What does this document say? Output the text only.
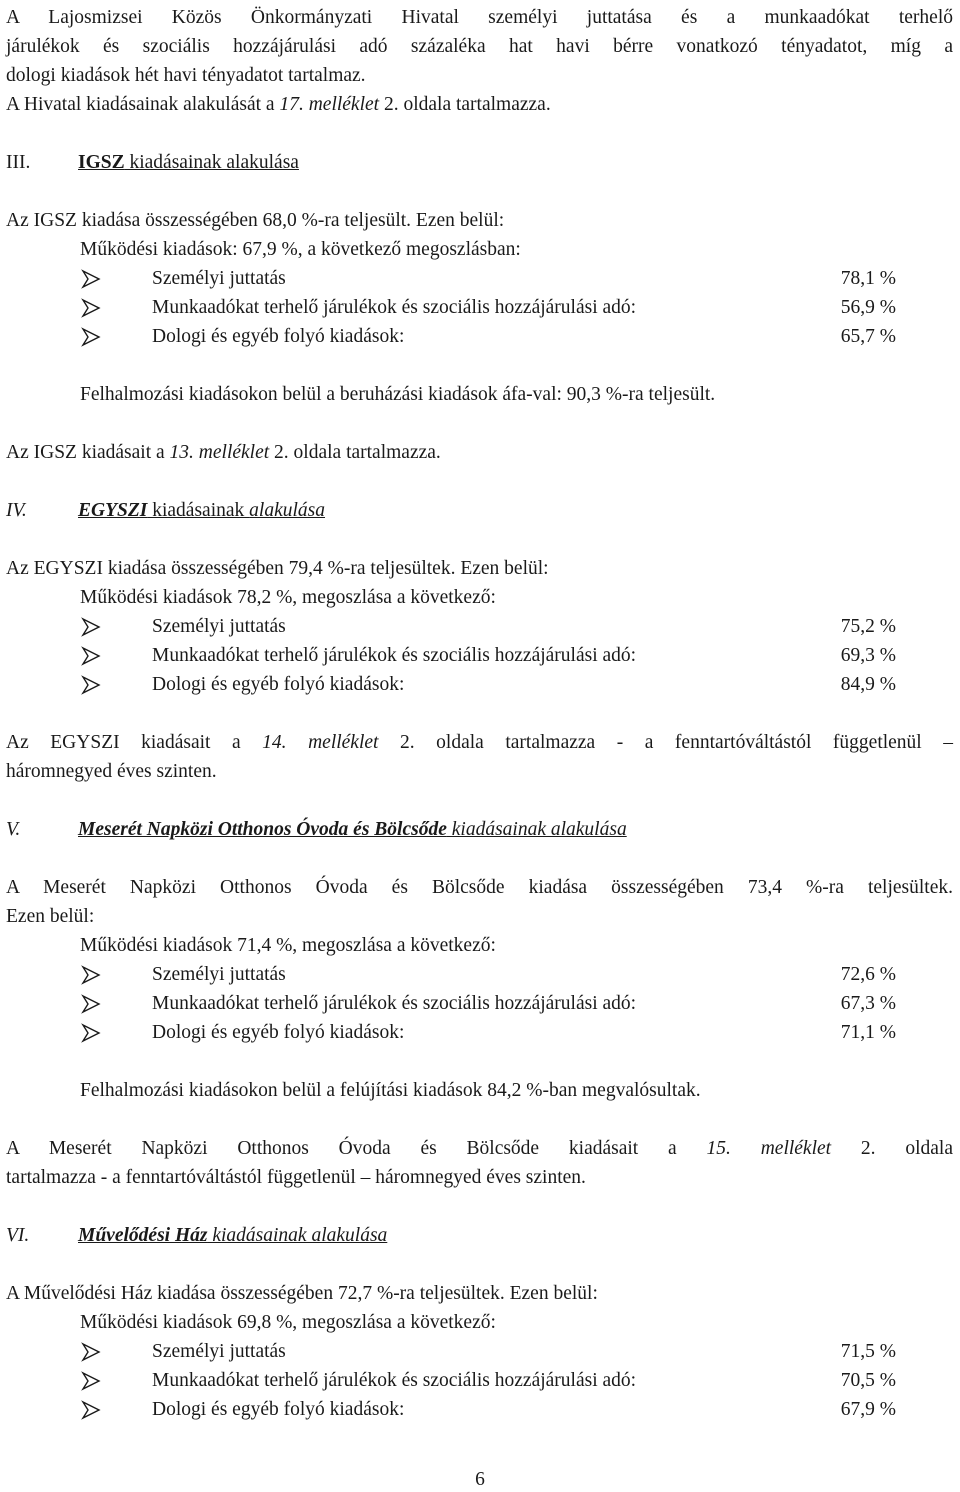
A Lajosmizsei Közös Önkormányzati Hivatal személyi juttatása és a munkaadókat terhelő
járulékok és szociális hozzájárulási adó százaléka hat havi bérre vonatkozó tényadatot, míg a
dologi kiadások hét havi tényadatot tartalmaz.
A Hivatal kiadásainak alakulását a 17. melléklet 2. oldala tartalmazza.
III. IGSZ kiadásainak alakulása
Az IGSZ kiadása összességében 68,0 %-ra teljesült. Ezen belül:
Működési kiadások: 67,9 %, a következő megoszlásban:
Személyi juttatás	78,1 %
Munkaadókat terhelő járulékok és szociális hozzájárulási adó:	56,9 %
Dologi és egyéb folyó kiadások:	65,7 %
Felhalmozási kiadásokon belül a beruházási kiadások áfa-val: 90,3 %-ra teljesült.
Az IGSZ kiadásait a 13. melléklet 2. oldala tartalmazza.
IV.	EGYSZI kiadásainak alakulása
Az EGYSZI kiadása összességében 79,4 %-ra teljesültek. Ezen belül:
Működési kiadások 78,2 %, megoszlása a következő:
Személyi juttatás	75,2 %
Munkaadókat terhelő járulékok és szociális hozzájárulási adó:	69,3 %
Dologi és egyéb folyó kiadások:	84,9 %
Az EGYSZI kiadásait a 14. melléklet 2. oldala tartalmazza - a fenntartóváltástól függetlenül –
háromnegyed éves szinten.
V.	Meserét Napközi Otthonos Óvoda és Bölcsőde kiadásainak alakulása
A Meserét Napközi Otthonos Óvoda és Bölcsőde kiadása összességében 73,4 %-ra teljesültek.
Ezen belül:
Működési kiadások 71,4 %, megoszlása a következő:
Személyi juttatás	72,6 %
Munkaadókat terhelő járulékok és szociális hozzájárulási adó:	67,3 %
Dologi és egyéb folyó kiadások:	71,1 %
Felhalmozási kiadásokon belül a felújítási kiadások 84,2 %-ban megvalósultak.
A Meserét Napközi Otthonos Óvoda és Bölcsőde kiadásait a 15. melléklet 2. oldala
tartalmazza - a fenntartóváltástól függetlenül – háromnegyed éves szinten.
VI. Művelődési Ház kiadásainak alakulása
A Művelődési Ház kiadása összességében 72,7 %-ra teljesültek. Ezen belül:
Működési kiadások 69,8 %, megoszlása a következő:
Személyi juttatás	71,5 %
Munkaadókat terhelő járulékok és szociális hozzájárulási adó:	70,5 %
Dologi és egyéb folyó kiadások:	67,9 %
6
